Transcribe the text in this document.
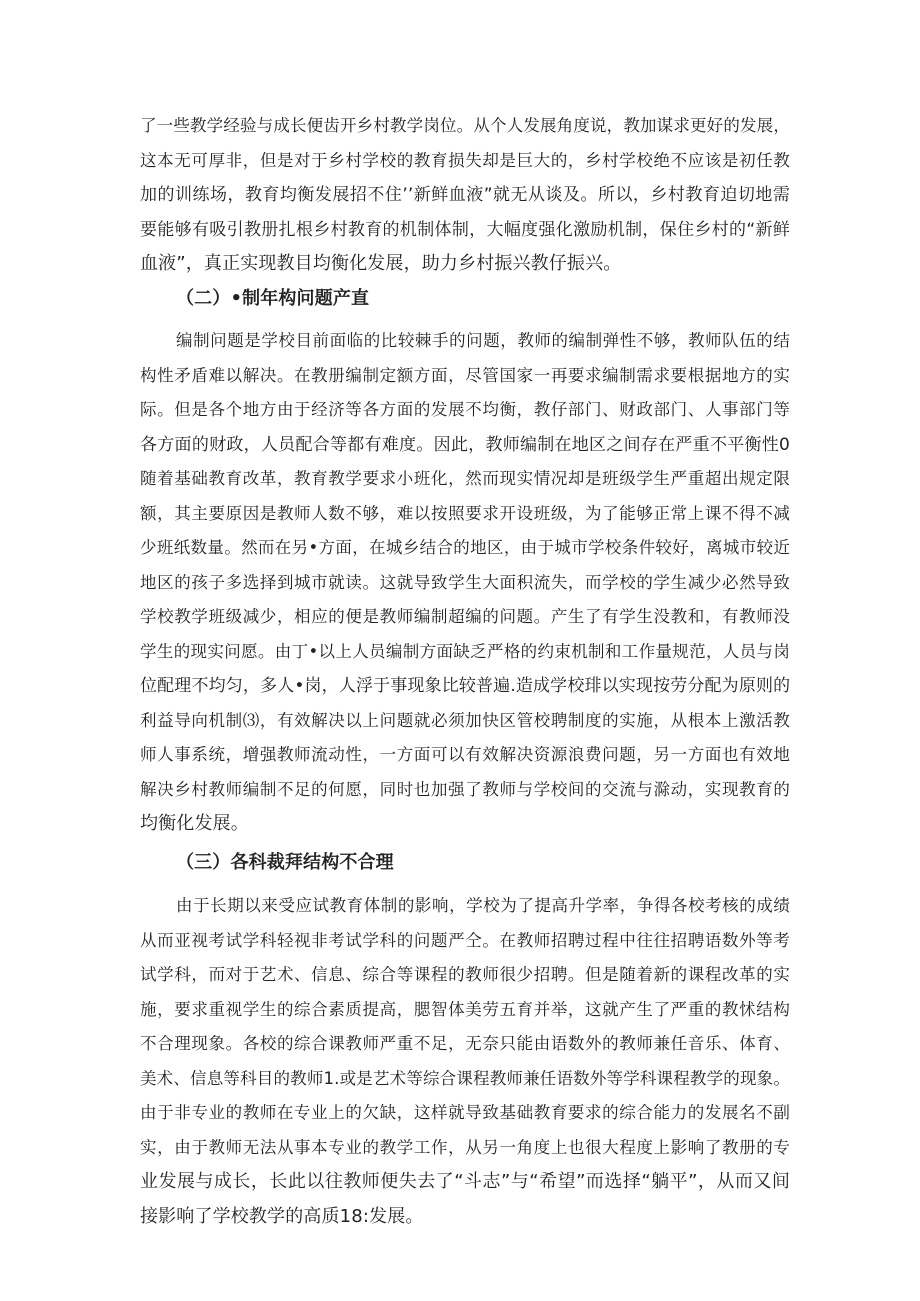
了一些教学经验与成长便齿开乡村教学岗位。从个人发展角度说，教加谋求更好的发展，
这本无可厚非，但是对于乡村学校的教育损失却是巨大的，乡村学校绝不应该是初任教
加的训练场，教育均衡发展招不住’’新鲜血液”就无从谈及。所以，乡村教育迫切地需
要能够有吸引教册扎根乡村教育的机制体制，大幅度强化激励机制，保住乡村的“新鲜
血液”，真正实现教目均衡化发展，助力乡村振兴教仔振兴。
（二）•制年构问题产直
编制问题是学校目前面临的比较棘手的问题，教师的编制弹性不够，教师队伍的结
构性矛盾难以解决。在教册编制定额方面，尽管国家一再要求编制需求要根据地方的实
际。但是各个地方由于经济等各方面的发展不均衡，教仔部门、财政部门、人事部门等
各方面的财政，人员配合等都有难度。因此，教师编制在地区之间存在严重不平衡性0
随着基础教育改革，教育教学要求小班化，然而现实情况却是班级学生严重超出规定限
额，其主要原因是教师人数不够，难以按照要求开设班级，为了能够正常上课不得不减
少班纸数量。然而在另•方面，在城乡结合的地区，由于城市学校条件较好，离城市较近
地区的孩子多选择到城市就读。这就导致学生大面积流失，而学校的学生减少必然导致
学校教学班级减少，相应的便是教师编制超编的问题。产生了有学生没教和，有教师没
学生的现实问愿。由丁•以上人员编制方面缺乏严格的约束机制和工作量规范，人员与岗
位配理不均匀，多人•岗，人浮于事现象比较普遍.造成学校琲以实现按劳分配为原则的
利益导向机制⑶，有效解决以上问题就必须加快区管校聘制度的实施，从根本上激活教
师人事系统，增强教师流动性，一方面可以有效解决资源浪费问题，另一方面也有效地
解决乡村教师编制不足的何愿，同时也加强了教师与学校间的交流与滁动，实现教育的
均衡化发展。
（三）各科裁拜结构不合理
由于长期以来受应试教育体制的影响，学校为了提高升学率，争得各校考核的成绩
从而亚视考试学科轻视非考试学科的问题严仝。在教师招聘过程中往往招聘语数外等考
试学科，而对于艺术、信息、综合等课程的教师很少招聘。但是随着新的课程改革的实
施，要求重视学生的综合素质提高，腮智体美劳五育并举，这就产生了严重的教怵结构
不合理现象。各校的综合课教师严重不足，无奈只能由语数外的教师兼任音乐、体育、
美术、信息等科目的教师1.或是艺术等综合课程教师兼任语数外等学科课程教学的现象。
由于非专业的教师在专业上的欠缺，这样就导致基础教育要求的综合能力的发展名不副
实，由于教师无法从事本专业的教学工作，从另一角度上也很大程度上影响了教册的专
业发展与成长，长此以往教师便失去了“斗志”与“希望”而选择“躺平”，从而又间
接影响了学校教学的高质18:发展。
